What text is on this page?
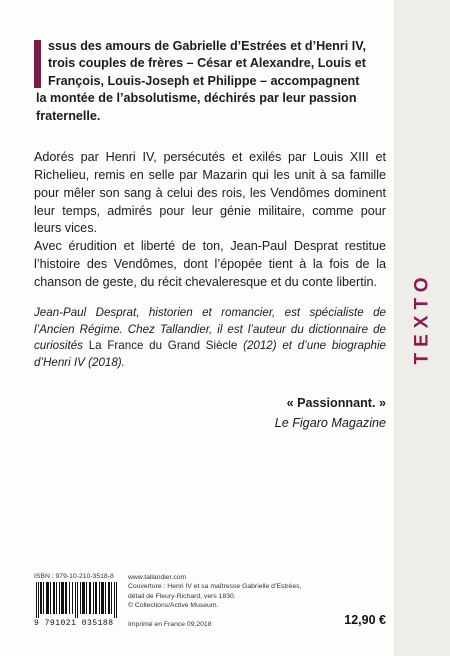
TEXTO

ssus des amours de Gabrielle d’Estrées et d’Henri IV,
trois couples de frères – César et Alexandre, Louis et
François, Louis-Joseph et Philippe – accompagnent
la montée de l’absolutisme, déchirés par leur passion
fraternelle.

Adorés par Henri IV, persécutés et exilés par Louis XIII et Richelieu, remis en selle par Mazarin qui les unit à sa famille pour mêler son sang à celui des rois, les Vendômes dominent leur temps, admirés pour leur génie militaire, comme pour leurs vices.

Avec érudition et liberté de ton, Jean-Paul Desprat restitue l’histoire des Vendômes, dont l’épopée tient à la fois de la chanson de geste, du récit chevaleresque et du conte libertin.

Jean-Paul Desprat, historien et romancier, est spécialiste de l’Ancien Régime. Chez Tallandier, il est l’auteur du dictionnaire de curiosités La France du Grand Siècle (2012) et d’une biographie d’Henri IV (2018).
« Passionnant. »
Le Figaro Magazine
ISBN : 979-10-210-3518-8
9 791021 035188
www.tallandier.com
Couverture : Henri IV et sa maîtresse Gabrielle d’Estrées,
détail de Fleury-Richard, vers 1830.
© Collections/Active Museum.
Imprimé en France 09.2018	12,90 €
